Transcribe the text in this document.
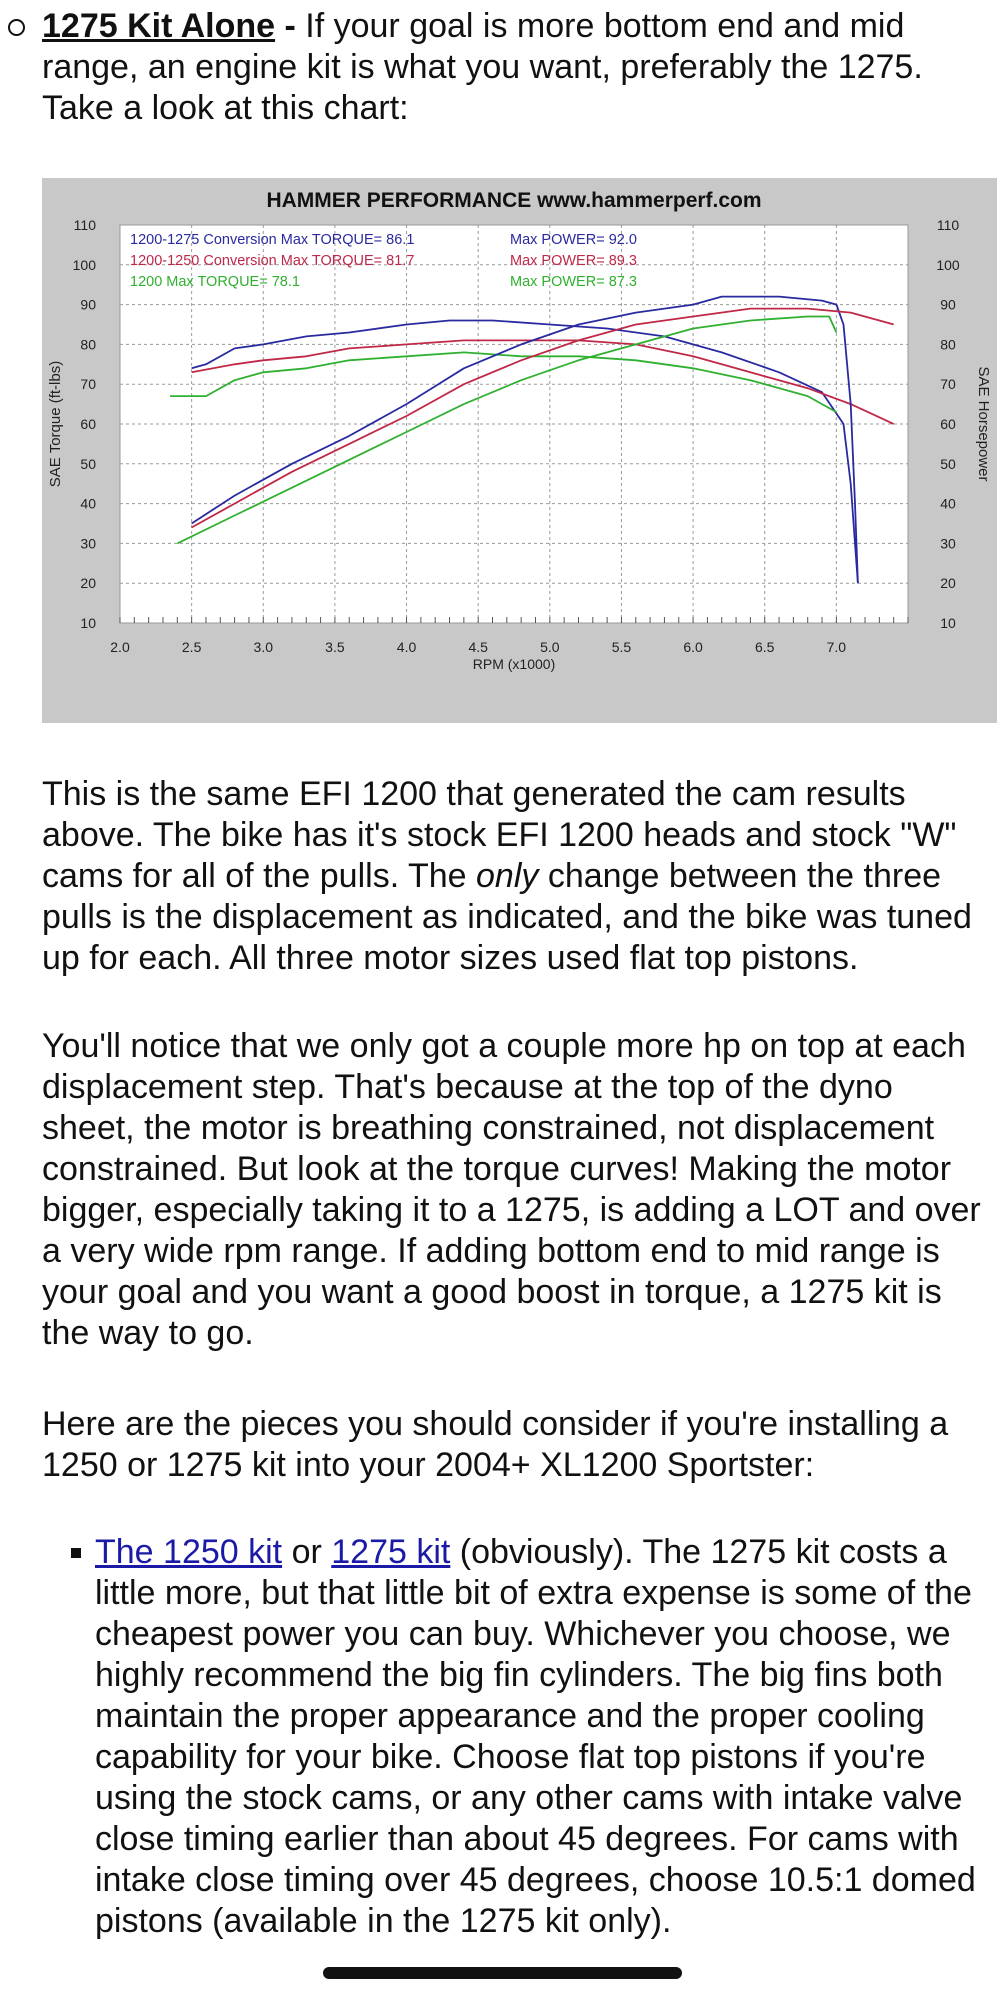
1275 Kit Alone - If your goal is more bottom end and mid range, an engine kit is what you want, preferably the 1275. Take a look at this chart:

2.0	2.5	3.0	3.5	4.0	4.5	5.0	5.5	6.0	6.5	7.0
10	10
20	20
30	30
40	40
50	50
60	60
70	70
80	80
90	90
100	100
110	110
HAMMER PERFORMANCE www.hammerperf.com
RPM (x1000)
SAE Torque (ft-lbs)	SAE Horsepower
1200-1275 Conversion Max TORQUE= 86.1	Max POWER= 92.0
1200-1250 Conversion Max TORQUE= 81.7	Max POWER= 89.3
1200 Max TORQUE= 78.1	Max POWER= 87.3

This is the same EFI 1200 that generated the cam results above. The bike has it's stock EFI 1200 heads and stock "W" cams for all of the pulls. The only change between the three pulls is the displacement as indicated, and the bike was tuned up for each. All three motor sizes used flat top pistons.

You'll notice that we only got a couple more hp on top at each displacement step. That's because at the top of the dyno sheet, the motor is breathing constrained, not displacement constrained. But look at the torque curves! Making the motor bigger, especially taking it to a 1275, is adding a LOT and over a very wide rpm range. If adding bottom end to mid range is your goal and you want a good boost in torque, a 1275 kit is the way to go.

Here are the pieces you should consider if you're installing a 1250 or 1275 kit into your 2004+ XL1200 Sportster:

The 1250 kit or 1275 kit (obviously). The 1275 kit costs a little more, but that little bit of extra expense is some of the cheapest power you can buy. Whichever you choose, we highly recommend the big fin cylinders. The big fins both maintain the proper appearance and the proper cooling capability for your bike. Choose flat top pistons if you're using the stock cams, or any other cams with intake valve close timing earlier than about 45 degrees. For cams with intake close timing over 45 degrees, choose 10.5:1 domed pistons (available in the 1275 kit only).
